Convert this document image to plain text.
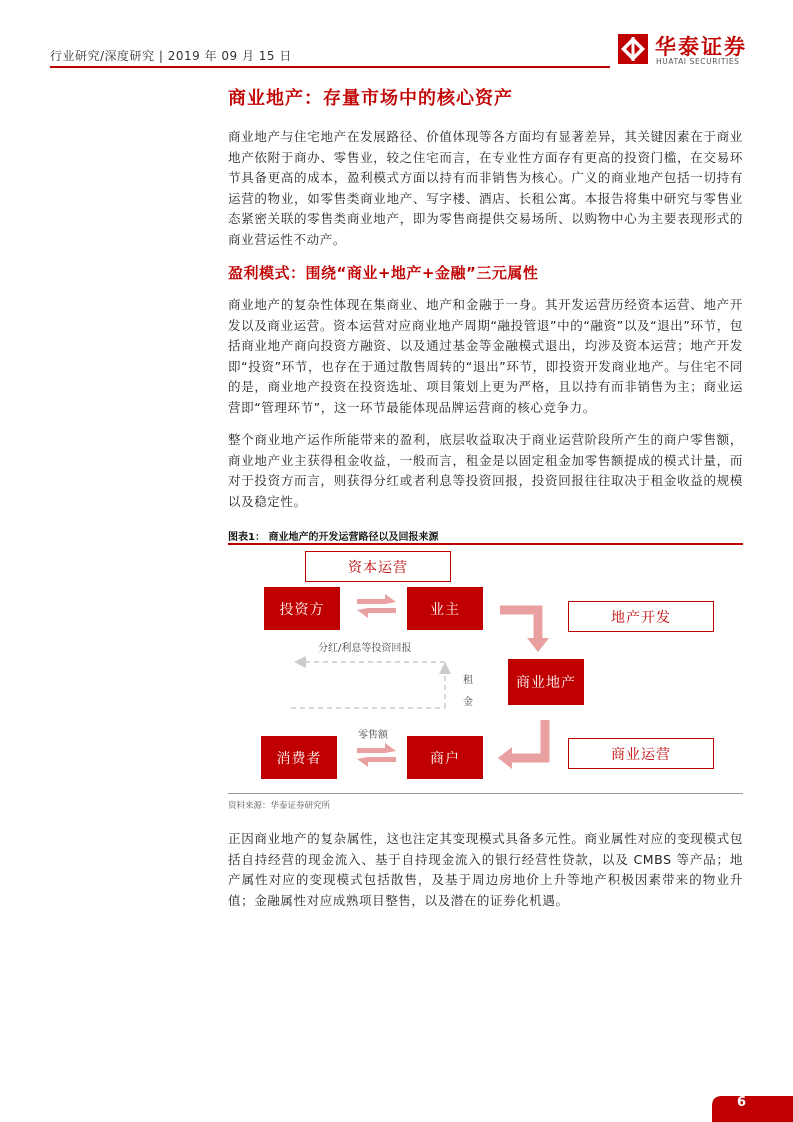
行业研究/深度研究 | 2019 年 09 月 15 日	华泰证券
HUATAI SECURITIES
商业地产：存量市场中的核心资产
商业地产与住宅地产在发展路径、价值体现等各方面均有显著差异，其关键因素在于商业地产依附于商办、零售业，较之住宅而言，在专业性方面存有更高的投资门槛，在交易环节具备更高的成本，盈利模式方面以持有而非销售为核心。广义的商业地产包括一切持有运营的物业，如零售类商业地产、写字楼、酒店、长租公寓。本报告将集中研究与零售业态紧密关联的零售类商业地产，即为零售商提供交易场所、以购物中心为主要表现形式的商业营运性不动产。
盈利模式：围绕“商业+地产+金融”三元属性
商业地产的复杂性体现在集商业、地产和金融于一身。其开发运营历经资本运营、地产开发以及商业运营。资本运营对应商业地产周期“融投管退”中的“融资”以及“退出”环节，包括商业地产商向投资方融资、以及通过基金等金融模式退出，均涉及资本运营；地产开发即“投资”环节，也存在于通过散售周转的“退出”环节，即投资开发商业地产。与住宅不同的是，商业地产投资在投资选址、项目策划上更为严格，且以持有而非销售为主；商业运营即“管理环节”，这一环节最能体现品牌运营商的核心竞争力。
整个商业地产运作所能带来的盈利，底层收益取决于商业运营阶段所产生的商户零售额，商业地产业主获得租金收益，一般而言，租金是以固定租金加零售额提成的模式计量，而对于投资方而言，则获得分红或者利息等投资回报，投资回报往往取决于租金收益的规模以及稳定性。
图表1： 商业地产的开发运营路径以及回报来源
资本运营
投资方	业主	地产开发
分红/利息等投资回报
商业地产
租金
零售额
消费者	商户	商业运营
资料来源：华泰证券研究所
正因商业地产的复杂属性，这也注定其变现模式具备多元性。商业属性对应的变现模式包括自持经营的现金流入、基于自持现金流入的银行经营性贷款，以及 CMBS 等产品；地产属性对应的变现模式包括散售，及基于周边房地价上升等地产积极因素带来的物业升值；金融属性对应成熟项目整售，以及潜在的证券化机遇。
6
